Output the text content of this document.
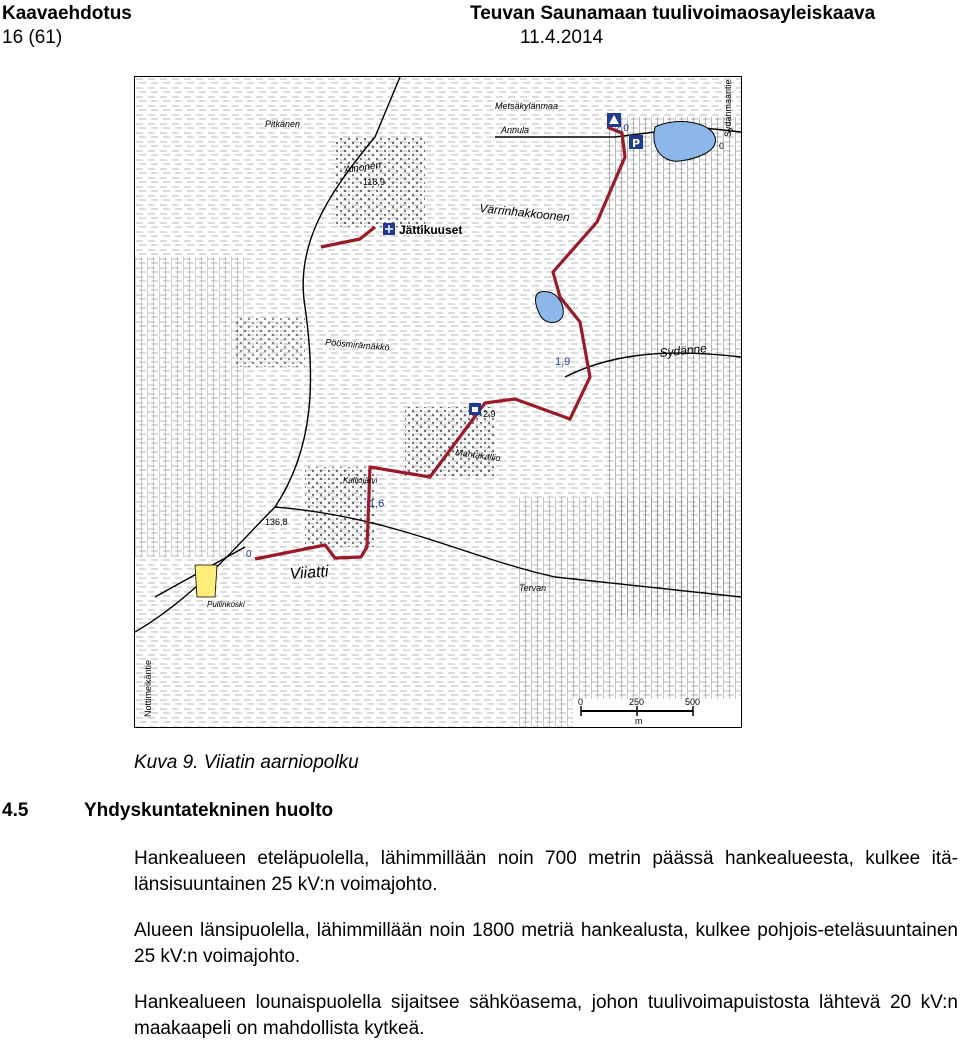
Kaavaehdotus
16 (61)
Teuvan Saunamaan tuulivoimaosayleiskaava
11.4.2014
P
Jättikuuset
Värrinhakkoonen
Viiatti
Pöösmirämäkkö	Sydänne
Pitkänen
Ainonen
Metsäkylänmaa
Annula
Tervan
Pullinkoski
Kalliojärvi
Mantakallio
Nottimeikäntie
Sydänmaantie
118,9
136,8
1,9
1,6
0
2,0
0
2,9
0	250	500
m
Kuva 9. Viiatin aarniopolku
4.5	Yhdyskuntatekninen huolto

Hankealueen eteläpuolella, lähimmillään noin 700 metrin päässä hankealueesta, kulkee itä-länsisuuntainen 25 kV:n voimajohto.

Alueen länsipuolella, lähimmillään noin 1800 metriä hankealusta, kulkee pohjois-eteläsuuntainen 25 kV:n voimajohto.

Hankealueen lounaispuolella sijaitsee sähköasema, johon tuulivoimapuistosta lähtevä 20 kV:n maakaapeli on mahdollista kytkeä.
